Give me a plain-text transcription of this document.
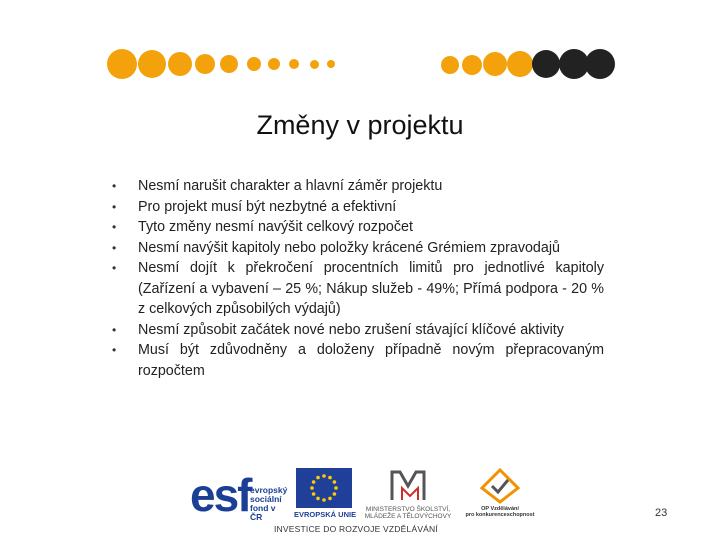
Změny v projektu
• Nesmí narušit charakter a hlavní záměr projektu
• Pro projekt musí být nezbytné a efektivní
• Tyto změny nesmí navýšit celkový rozpočet
• Nesmí navýšit kapitoly nebo položky krácené Grémiem zpravodajů
• Nesmí dojít k překročení procentních limitů pro jednotlivé kapitoly (Zařízení a vybavení – 25 %; Nákup služeb - 49%; Přímá podpora - 20 % z celkových způsobilých výdajů)
• Nesmí způsobit začátek nové nebo zrušení stávající klíčové aktivity
• Musí být zdůvodněny a doloženy případně novým přepracovaným rozpočtem
esf evropský
sociální
fond v ČR	EVROPSKÁ UNIE
MINISTERSTVO ŠKOLSTVÍ,
MLÁDEŽE A TĚLOVÝCHOVY
OP Vzdělávání
pro konkurenceschopnost
INVESTICE DO ROZVOJE VZDĚLÁVÁNÍ
23
